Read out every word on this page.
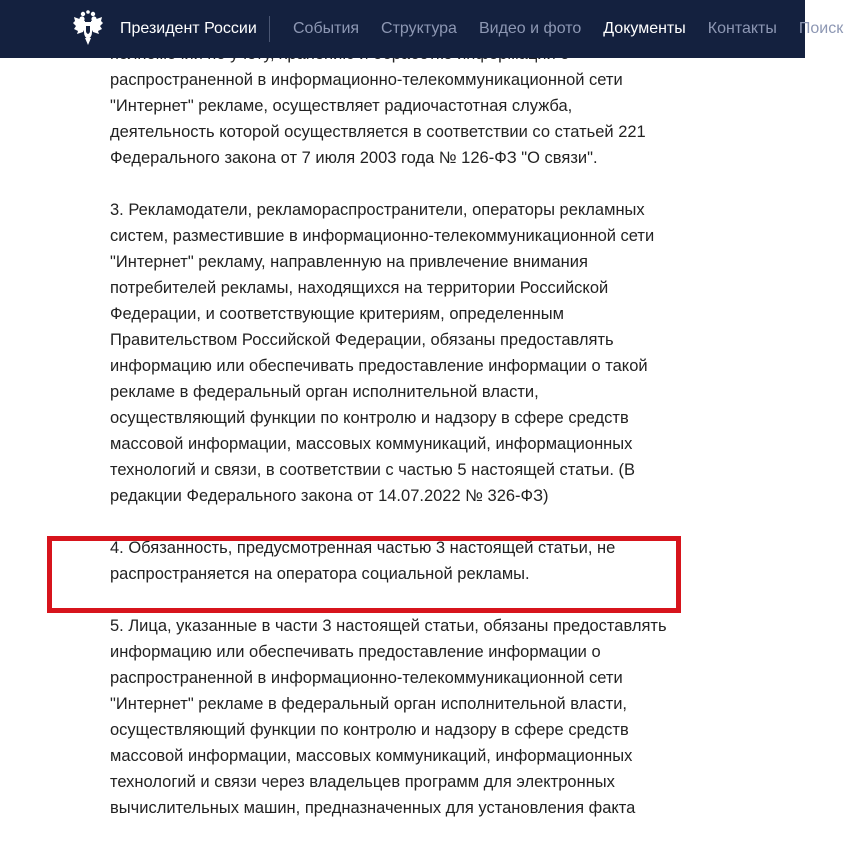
Президент России События Структура Видео и фото Документы Контакты Поиск

распространенной в информационно-телекоммуникационной сети
"Интернет" рекламе, осуществляет радиочастотная служба,
деятельность которой осуществляется в соответствии со статьей 221
Федерального закона от 7 июля 2003 года № 126-ФЗ "О связи".

3. Рекламодатели, рекламораспространители, операторы рекламных
систем, разместившие в информационно-телекоммуникационной сети
"Интернет" рекламу, направленную на привлечение внимания
потребителей рекламы, находящихся на территории Российской
Федерации, и соответствующие критериям, определенным
Правительством Российской Федерации, обязаны предоставлять
информацию или обеспечивать предоставление информации о такой
рекламе в федеральный орган исполнительной власти,
осуществляющий функции по контролю и надзору в сфере средств
массовой информации, массовых коммуникаций, информационных
технологий и связи, в соответствии с частью 5 настоящей статьи. (В
редакции Федерального закона от 14.07.2022 № 326-ФЗ)

4. Обязанность, предусмотренная частью 3 настоящей статьи, не
распространяется на оператора социальной рекламы.

5. Лица, указанные в части 3 настоящей статьи, обязаны предоставлять
информацию или обеспечивать предоставление информации о
распространенной в информационно-телекоммуникационной сети
"Интернет" рекламе в федеральный орган исполнительной власти,
осуществляющий функции по контролю и надзору в сфере средств
массовой информации, массовых коммуникаций, информационных
технологий и связи через владельцев программ для электронных
вычислительных машин, предназначенных для установления факта
